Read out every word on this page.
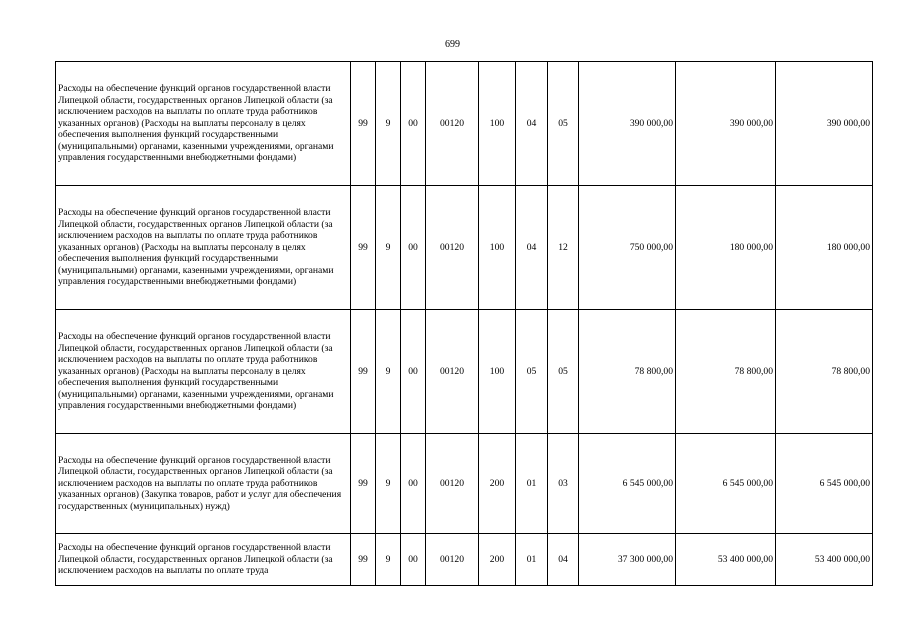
699
Расходы на обеспечение функций органов государственной власти Липецкой области, государственных органов Липецкой области (за исключением расходов на выплаты по оплате труда работников указанных органов) (Расходы на выплаты персоналу в целях обеспечения выполнения функций государственными (муниципальными) органами, казенными учреждениями, органами управления государственными внебюджетными фондами)	99	9	00	00120	100	04	05	390 000,00	390 000,00	390 000,00
Расходы на обеспечение функций органов государственной власти Липецкой области, государственных органов Липецкой области (за исключением расходов на выплаты по оплате труда работников указанных органов) (Расходы на выплаты персоналу в целях обеспечения выполнения функций государственными (муниципальными) органами, казенными учреждениями, органами управления государственными внебюджетными фондами)	99	9	00	00120	100	04	12	750 000,00	180 000,00	180 000,00
Расходы на обеспечение функций органов государственной власти Липецкой области, государственных органов Липецкой области (за исключением расходов на выплаты по оплате труда работников указанных органов) (Расходы на выплаты персоналу в целях обеспечения выполнения функций государственными (муниципальными) органами, казенными учреждениями, органами управления государственными внебюджетными фондами)	99	9	00	00120	100	05	05	78 800,00	78 800,00	78 800,00
Расходы на обеспечение функций органов государственной власти Липецкой области, государственных органов Липецкой области (за исключением расходов на выплаты по оплате труда работников указанных органов) (Закупка товаров, работ и услуг для обеспечения государственных (муниципальных) нужд)	99	9	00	00120	200	01	03	6 545 000,00	6 545 000,00	6 545 000,00
Расходы на обеспечение функций органов государственной власти Липецкой области, государственных органов Липецкой области (за исключением расходов на выплаты по оплате труда	99	9	00	00120	200	01	04	37 300 000,00	53 400 000,00	53 400 000,00
